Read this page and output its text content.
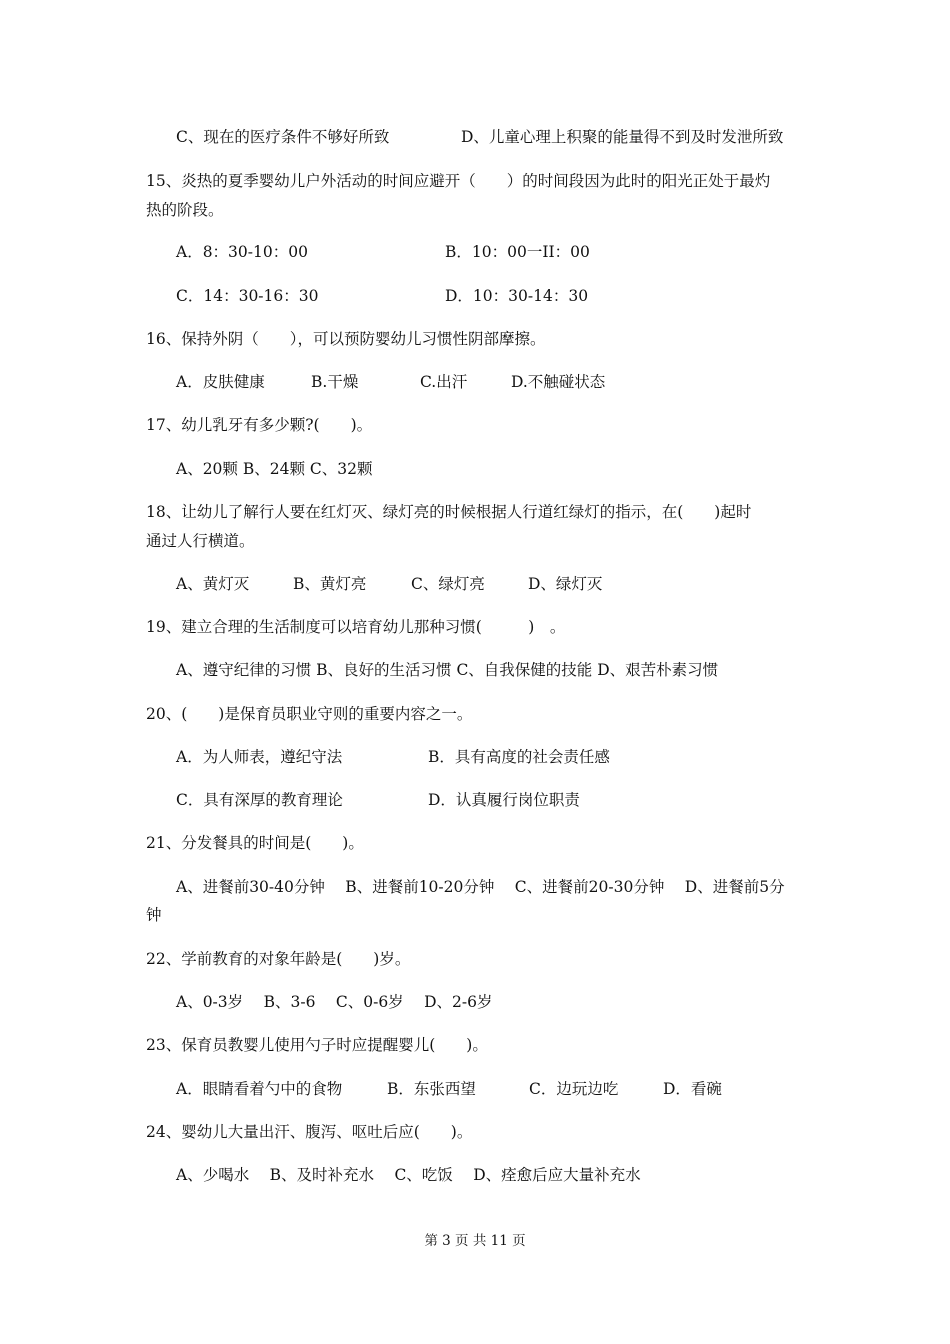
C、现在的医疗条件不够好所致	D、儿童心理上积聚的能量得不到及时发泄所致
15、炎热的夏季婴幼儿户外活动的时间应避开（　　）的时间段因为此时的阳光正处于最灼
热的阶段。
A．8：30-10：00	B．10：00一II：00
C．14：30-16：30	D．10：30-14：30
16、保持外阴（　　），可以预防婴幼儿习惯性阴部摩擦。
A．皮肤健康	B.干燥	C.出汗	D.不触碰状态
17、幼儿乳牙有多少颗?(　　)。
A、20颗 B、24颗 C、32颗
18、让幼儿了解行人要在红灯灭、绿灯亮的时候根据人行道红绿灯的指示，在(　　)起时
通过人行横道。
A、黄灯灭	B、黄灯亮	C、绿灯亮	D、绿灯灭
19、建立合理的生活制度可以培育幼儿那种习惯(　　　)　。
A、遵守纪律的习惯 B、良好的生活习惯 C、自我保健的技能 D、艰苦朴素习惯
20、(　　)是保育员职业守则的重要内容之一。
A．为人师表，遵纪守法	B．具有高度的社会责任感
C．具有深厚的教育理论	D．认真履行岗位职责
21、分发餐具的时间是(　　)。
A、进餐前30-40分钟　 B、进餐前10-20分钟　 C、进餐前20-30分钟　 D、进餐前5分
钟
22、学前教育的对象年龄是(　　)岁。
A、0-3岁　 B、3-6　 C、0-6岁　 D、2-6岁
23、保育员教婴儿使用勺子时应提醒婴儿(　　)。
A．眼睛看着勺中的食物	B．东张西望	C．边玩边吃	D．看碗
24、婴幼儿大量出汗、腹泻、呕吐后应(　　)。
A、少喝水　 B、及时补充水　 C、吃饭　 D、痊愈后应大量补充水
第 3 页 共 11 页
